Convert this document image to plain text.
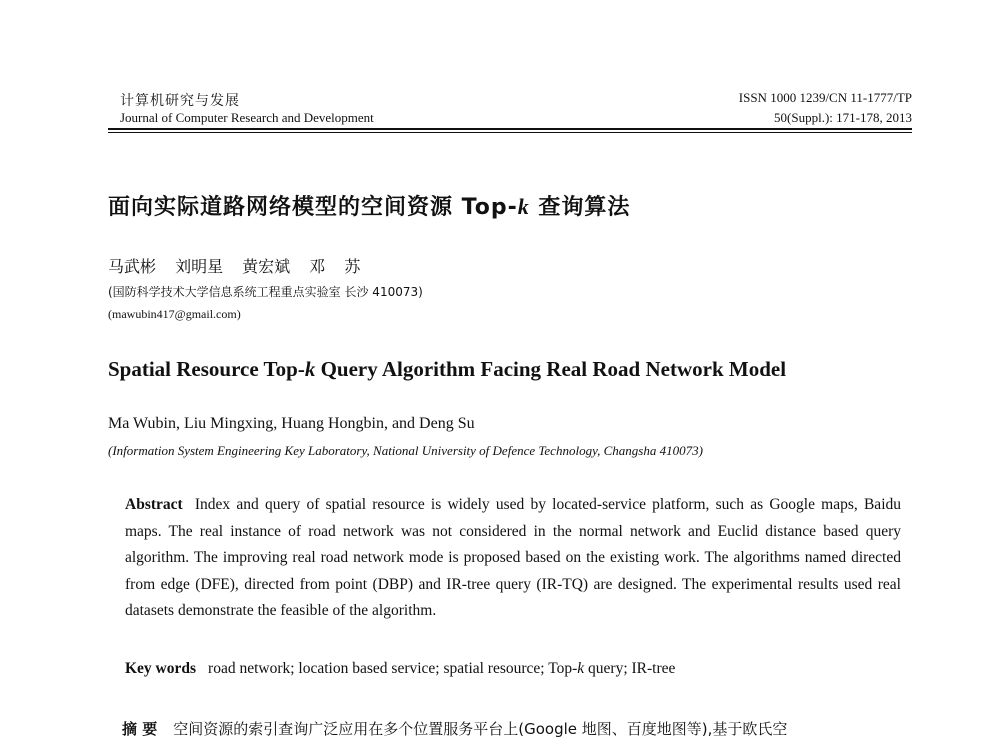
计算机研究与发展
Journal of Computer Research and Development
ISSN 1000 1239/CN 11-1777/TP
50(Suppl.): 171-178, 2013
面向实际道路网络模型的空间资源 Top-k 查询算法
马武彬 刘明星 黄宏斌 邓 苏
(国防科学技术大学信息系统工程重点实验室 长沙 410073)
(mawubin417@gmail.com)
Spatial Resource Top-k Query Algorithm Facing Real Road Network Model
Ma Wubin, Liu Mingxing, Huang Hongbin, and Deng Su
(Information System Engineering Key Laboratory, National University of Defence Technology, Changsha 410073)
Abstract Index and query of spatial resource is widely used by located-service platform, such as Google maps, Baidu maps. The real instance of road network was not considered in the normal network and Euclid distance based query algorithm. The improving real road network mode is proposed based on the existing work. The algorithms named directed from edge (DFE), directed from point (DBP) and IR-tree query (IR-TQ) are designed. The experimental results used real datasets demonstrate the feasible of the algorithm.
Key words road network; location based service; spatial resource; Top-k query; IR-tree
摘 要 空间资源的索引查询广泛应用在多个位置服务平台上(Google 地图、百度地图等),基于欧氏空
